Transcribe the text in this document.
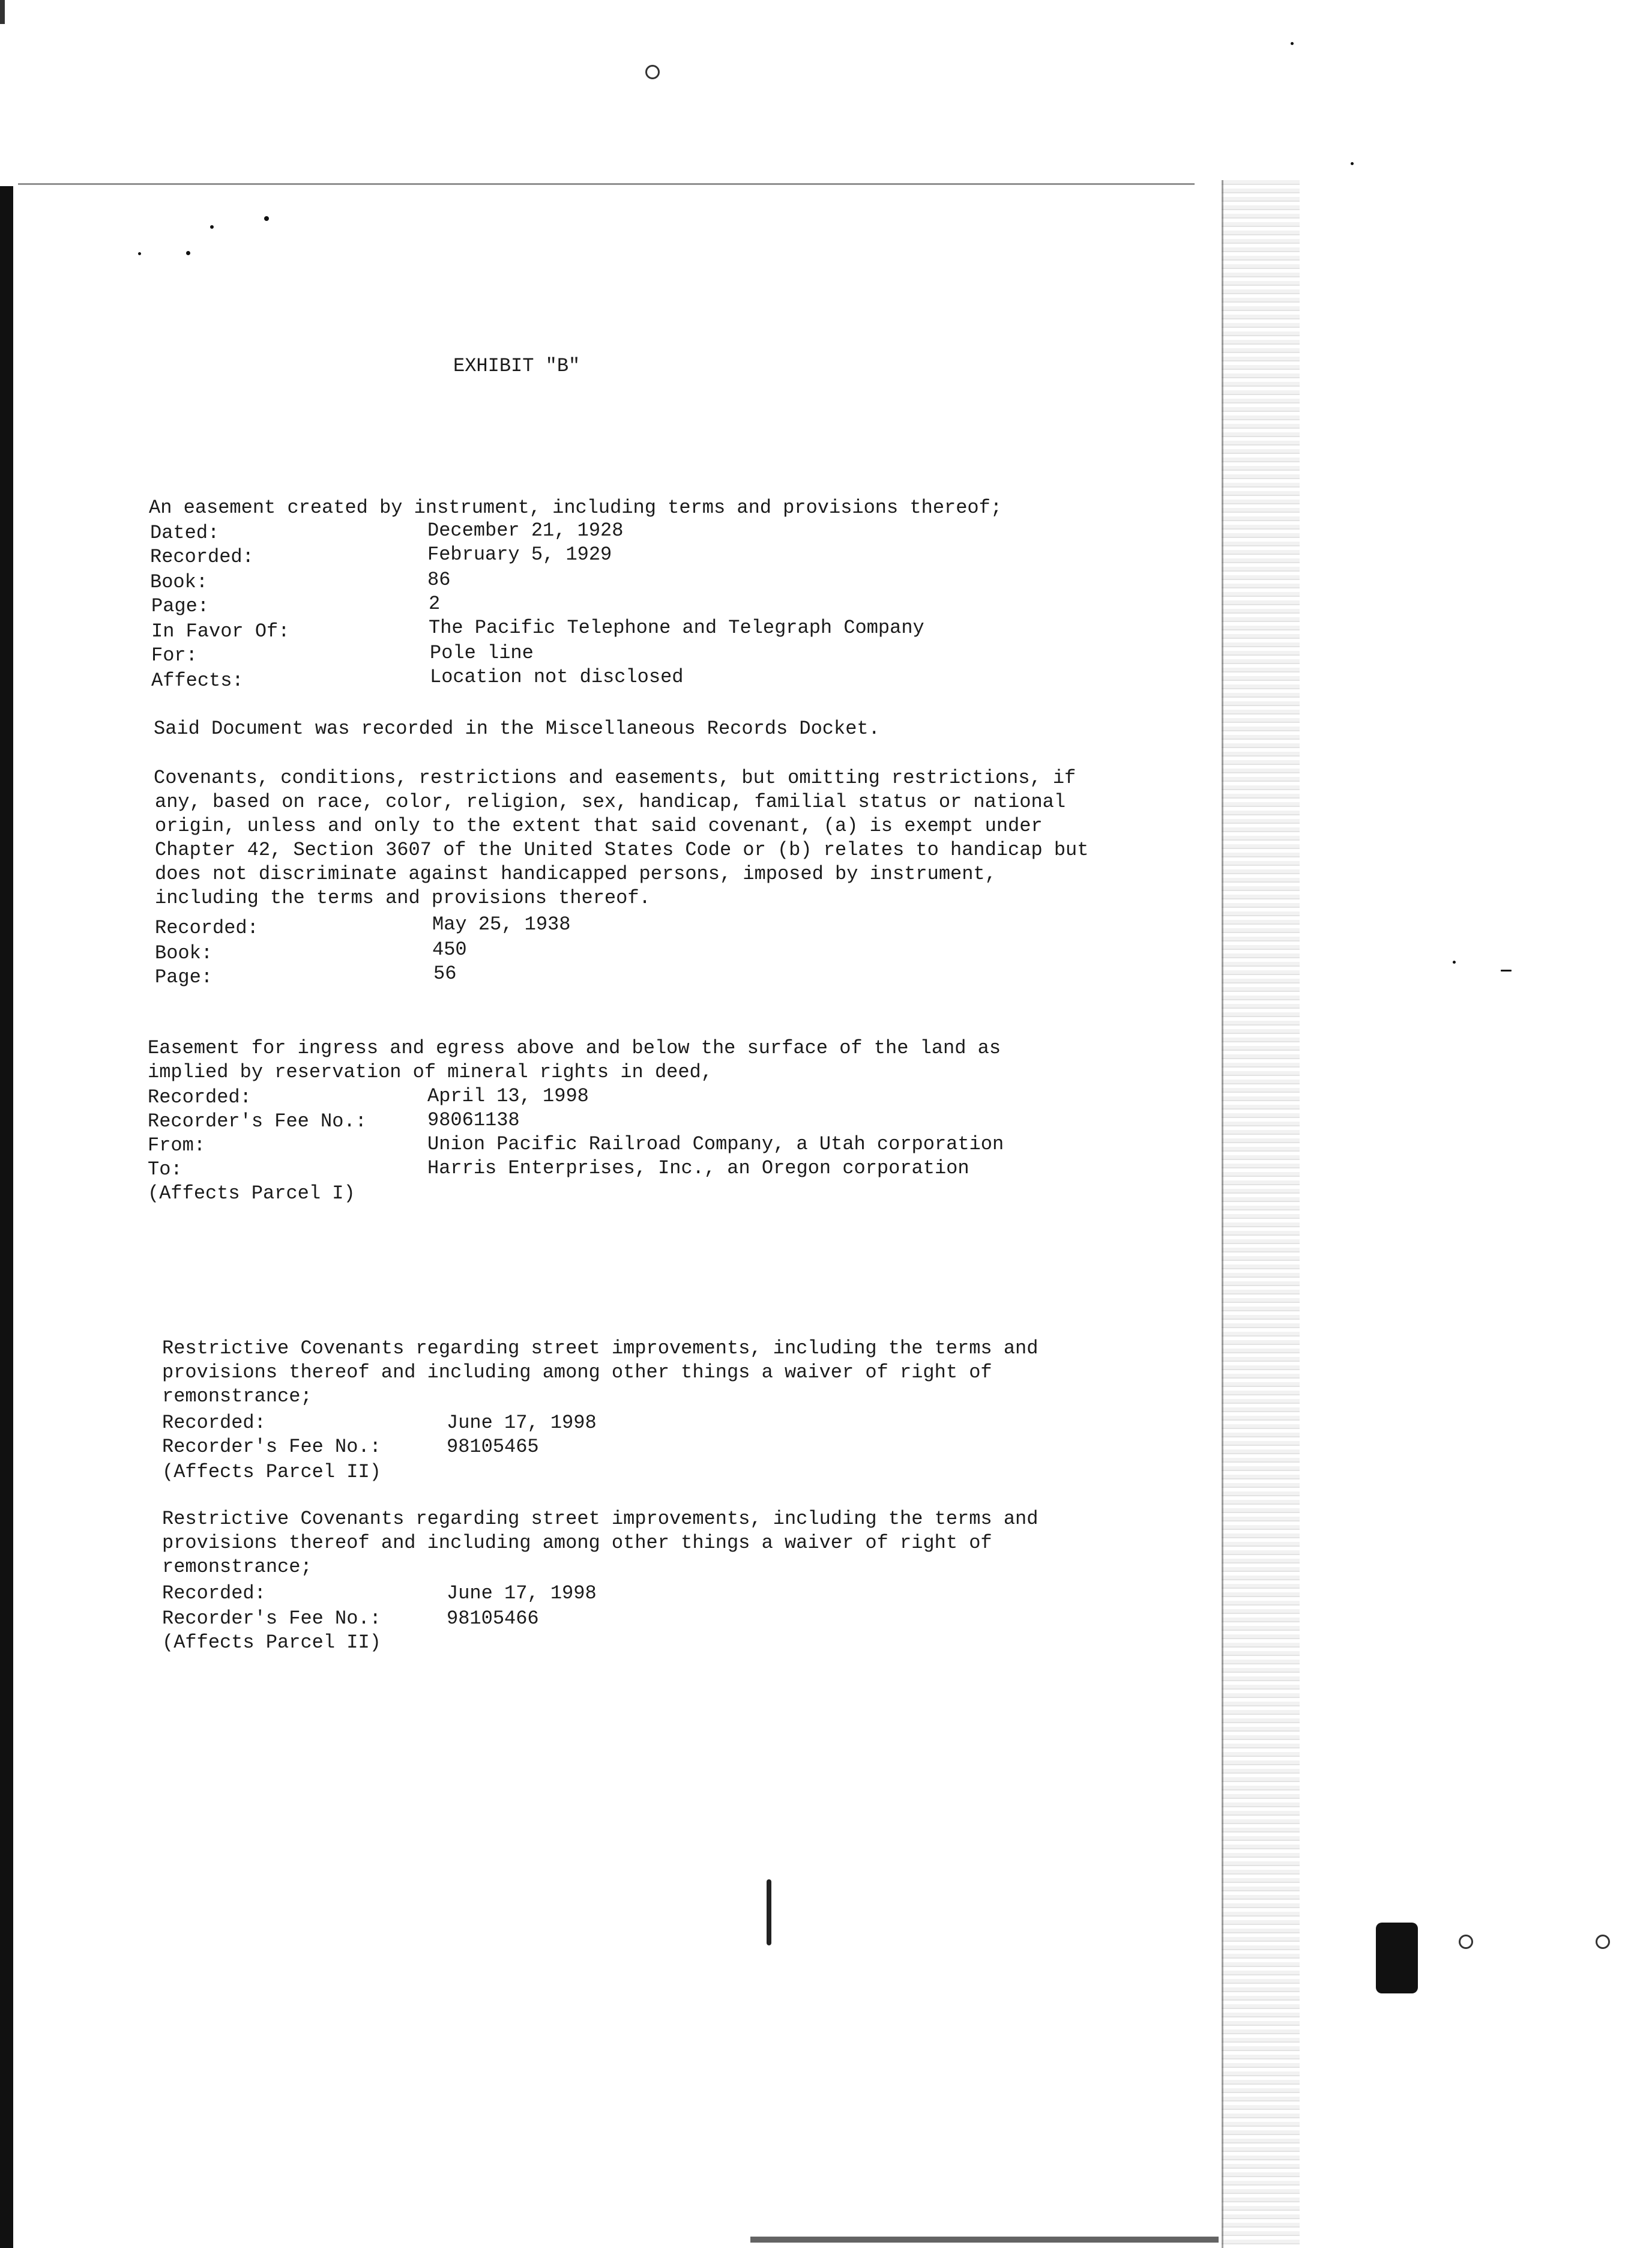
EXHIBIT "B"
An easement created by instrument, including terms and provisions thereof;
Dated:	December 21, 1928
Recorded:	February 5, 1929
Book:	86
Page:	2
In Favor Of:	The Pacific Telephone and Telegraph Company
For:	Pole line
Affects:	Location not disclosed
Said Document was recorded in the Miscellaneous Records Docket.
Covenants, conditions, restrictions and easements, but omitting restrictions, if
any, based on race, color, religion, sex, handicap, familial status or national
origin, unless and only to the extent that said covenant, (a) is exempt under
Chapter 42, Section 3607 of the United States Code or (b) relates to handicap but
does not discriminate against handicapped persons, imposed by instrument,
including the terms and provisions thereof.
Recorded:	May 25, 1938
Book:	450
Page:	56
Easement for ingress and egress above and below the surface of the land as
implied by reservation of mineral rights in deed,
Recorded:	April 13, 1998
Recorder's Fee No.:	98061138
From:	Union Pacific Railroad Company, a Utah corporation
To:	Harris Enterprises, Inc., an Oregon corporation
(Affects Parcel I)
Restrictive Covenants regarding street improvements, including the terms and
provisions thereof and including among other things a waiver of right of
remonstrance;
Recorded:	June 17, 1998
Recorder's Fee No.:	98105465
(Affects Parcel II)
Restrictive Covenants regarding street improvements, including the terms and
provisions thereof and including among other things a waiver of right of
remonstrance;
Recorded:	June 17, 1998
Recorder's Fee No.:	98105466
(Affects Parcel II)
